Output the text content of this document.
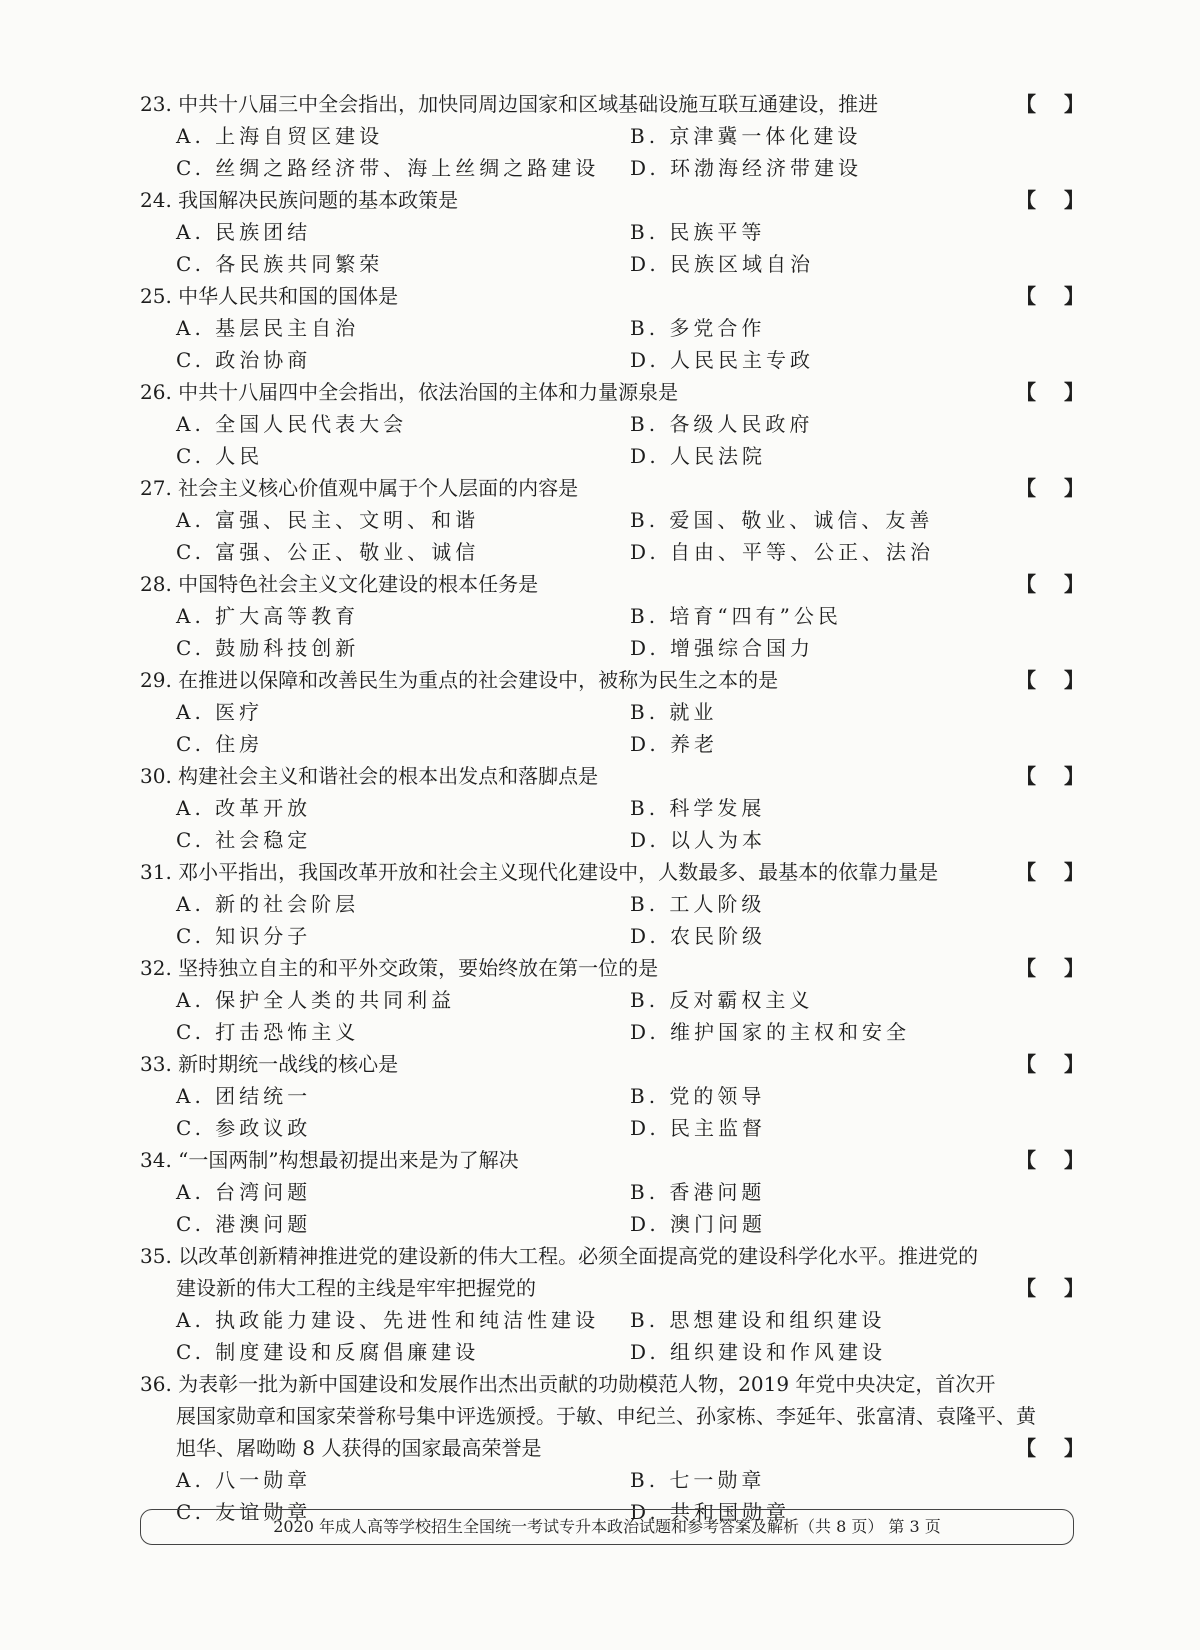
23. 中共十八届三中全会指出，加快同周边国家和区域基础设施互联互通建设，推进	【 】
A. 上海自贸区建设	B. 京津冀一体化建设
C. 丝绸之路经济带、海上丝绸之路建设 D. 环渤海经济带建设
24. 我国解决民族问题的基本政策是	【 】
A. 民族团结	B. 民族平等
C. 各民族共同繁荣	D. 民族区域自治
25. 中华人民共和国的国体是	【 】
A. 基层民主自治	B. 多党合作
C. 政治协商	D. 人民民主专政
26. 中共十八届四中全会指出，依法治国的主体和力量源泉是	【 】
A. 全国人民代表大会	B. 各级人民政府
C. 人民	D. 人民法院
27. 社会主义核心价值观中属于个人层面的内容是	【 】
A. 富强、民主、文明、和谐	B. 爱国、敬业、诚信、友善
C. 富强、公正、敬业、诚信	D. 自由、平等、公正、法治
28. 中国特色社会主义文化建设的根本任务是	【 】
A. 扩大高等教育	B. 培育“四有”公民
C. 鼓励科技创新	D. 增强综合国力
29. 在推进以保障和改善民生为重点的社会建设中，被称为民生之本的是	【 】
A. 医疗	B. 就业
C. 住房	D. 养老
30. 构建社会主义和谐社会的根本出发点和落脚点是	【 】
A. 改革开放	B. 科学发展
C. 社会稳定	D. 以人为本
31. 邓小平指出，我国改革开放和社会主义现代化建设中，人数最多、最基本的依靠力量是	【 】
A. 新的社会阶层	B. 工人阶级
C. 知识分子	D. 农民阶级
32. 坚持独立自主的和平外交政策，要始终放在第一位的是	【 】
A. 保护全人类的共同利益	B. 反对霸权主义
C. 打击恐怖主义	D. 维护国家的主权和安全
33. 新时期统一战线的核心是	【 】
A. 团结统一	B. 党的领导
C. 参政议政	D. 民主监督
34. “一国两制”构想最初提出来是为了解决	【 】
A. 台湾问题	B. 香港问题
C. 港澳问题	D. 澳门问题
35. 以改革创新精神推进党的建设新的伟大工程。必须全面提高党的建设科学化水平。推进党的
建设新的伟大工程的主线是牢牢把握党的	【 】
A. 执政能力建设、先进性和纯洁性建设 B. 思想建设和组织建设
C. 制度建设和反腐倡廉建设	D. 组织建设和作风建设
36. 为表彰一批为新中国建设和发展作出杰出贡献的功勋模范人物，2019 年党中央决定，首次开
展国家勋章和国家荣誉称号集中评选颁授。于敏、申纪兰、孙家栋、李延年、张富清、袁隆平、黄
旭华、屠呦呦 8 人获得的国家最高荣誉是	【 】
A. 八一勋章	B. 七一勋章
C. 友谊勋章	D. 共和国勋章
2020 年成人高等学校招生全国统一考试专升本政治试题和参考答案及解析（共 8 页） 第 3 页
